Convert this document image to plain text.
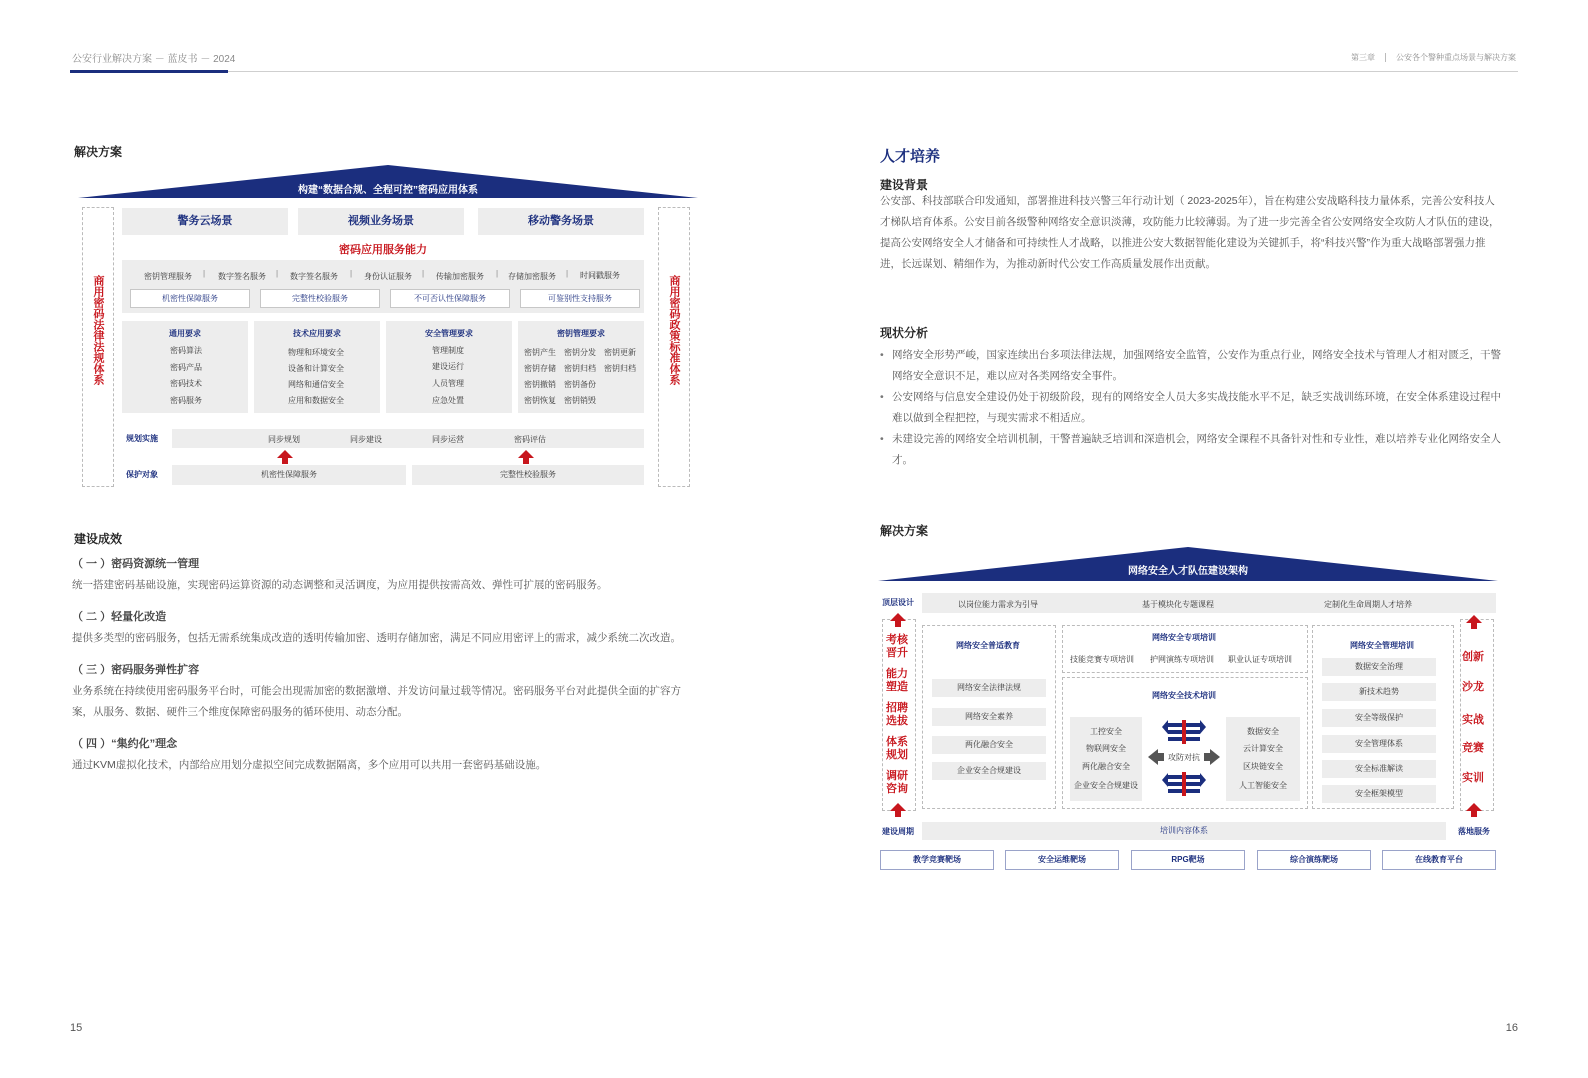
公安行业解决方案 － 蓝皮书 － 2024	第三章	公安各个警种重点场景与解决方案
解决方案
构建“数据合规、全程可控”密码应用体系
商用密码法律法规体系	商用密码政策标准体系
警务云场景	视频业务场景	移动警务场景
密码应用服务能力
密钥管理服务 | 数字签名服务 | 数字签名服务 | 身份认证服务 | 传输加密服务 | 存储加密服务 | 时间戳服务
机密性保障服务	完整性校验服务	不可否认性保障服务	可鉴别性支持服务
通用要求
密码算法
密码产品
密码技术
密码服务
技术应用要求
物理和环境安全
设备和计算安全
网络和通信安全
应用和数据安全
安全管理要求
管理制度
建设运行
人员管理
应急处置
密钥管理要求
密钥产生 密钥分发 密钥更新
密钥存储 密钥归档 密钥归档
密钥撤销 密钥备份
密钥恢复 密钥销毁
规划实施	同步规划	同步建设	同步运营	密码评估
保护对象	机密性保障服务	完整性校验服务
建设成效
（ 一 ）密码资源统一管理
统一搭建密码基础设施，实现密码运算资源的动态调整和灵活调度，为应用提供按需高效、弹性可扩展的密码服务。
（ 二 ）轻量化改造
提供多类型的密码服务，包括无需系统集成改造的透明传输加密、透明存储加密，满足不同应用密评上的需求，减少系统二次改造。
（ 三 ）密码服务弹性扩容
业务系统在持续使用密码服务平台时，可能会出现需加密的数据激增、并发访问量过载等情况。密码服务平台对此提供全面的扩容方案，从服务、数据、硬件三个维度保障密码服务的循环使用、动态分配。
（ 四 ）“集约化”理念
通过KVM虚拟化技术，内部给应用划分虚拟空间完成数据隔离，多个应用可以共用一套密码基础设施。
15
人才培养
建设背景
公安部、科技部联合印发通知，部署推进科技兴警三年行动计划（ 2023-2025年），旨在构建公安战略科技力量体系，完善公安科技人才梯队培育体系。公安目前各级警种网络安全意识淡薄，攻防能力比较薄弱。为了进一步完善全省公安网络安全攻防人才队伍的建设，提高公安网络安全人才储备和可持续性人才战略，以推进公安大数据智能化建设为关键抓手，将“科技兴警”作为重大战略部署强力推进，长远谋划、精细作为，为推动新时代公安工作高质量发展作出贡献。
现状分析
• 网络安全形势严峻，国家连续出台多项法律法规，加强网络安全监管，公安作为重点行业，网络安全技术与管理人才相对匮乏，干警网络安全意识不足，难以应对各类网络安全事件。
• 公安网络与信息安全建设仍处于初级阶段，现有的网络安全人员大多实战技能水平不足，缺乏实战训练环境，在安全体系建设过程中难以做到全程把控，与现实需求不相适应。
• 未建设完善的网络安全培训机制，干警普遍缺乏培训和深造机会，网络安全课程不具备针对性和专业性，难以培养专业化网络安全人才。
解决方案
网络安全人才队伍建设架构
顶层设计	以岗位能力需求为引导	基于模块化专题课程	定制化生命周期人才培养
考核晋升
能力塑造
招聘选拔
体系规划
调研咨询
创新
沙龙
实战
竞赛
实训
网络安全普适教育
网络安全法律法规
网络安全素养
两化融合安全
企业安全合规建设
网络安全专项培训
技能竞赛专项培训 护网演练专项培训 职业认证专项培训
网络安全技术培训
工控安全
物联网安全
两化融合安全
企业安全合规建设
攻防对抗
数据安全
云计算安全
区块链安全
人工智能安全
网络安全管理培训
数据安全治理
新技术趋势
安全等级保护
安全管理体系
安全标准解读
安全框架模型
建设周期	培训内容体系	落地服务
教学竞赛靶场	安全运维靶场	RPG靶场	综合演练靶场	在线教育平台
16
